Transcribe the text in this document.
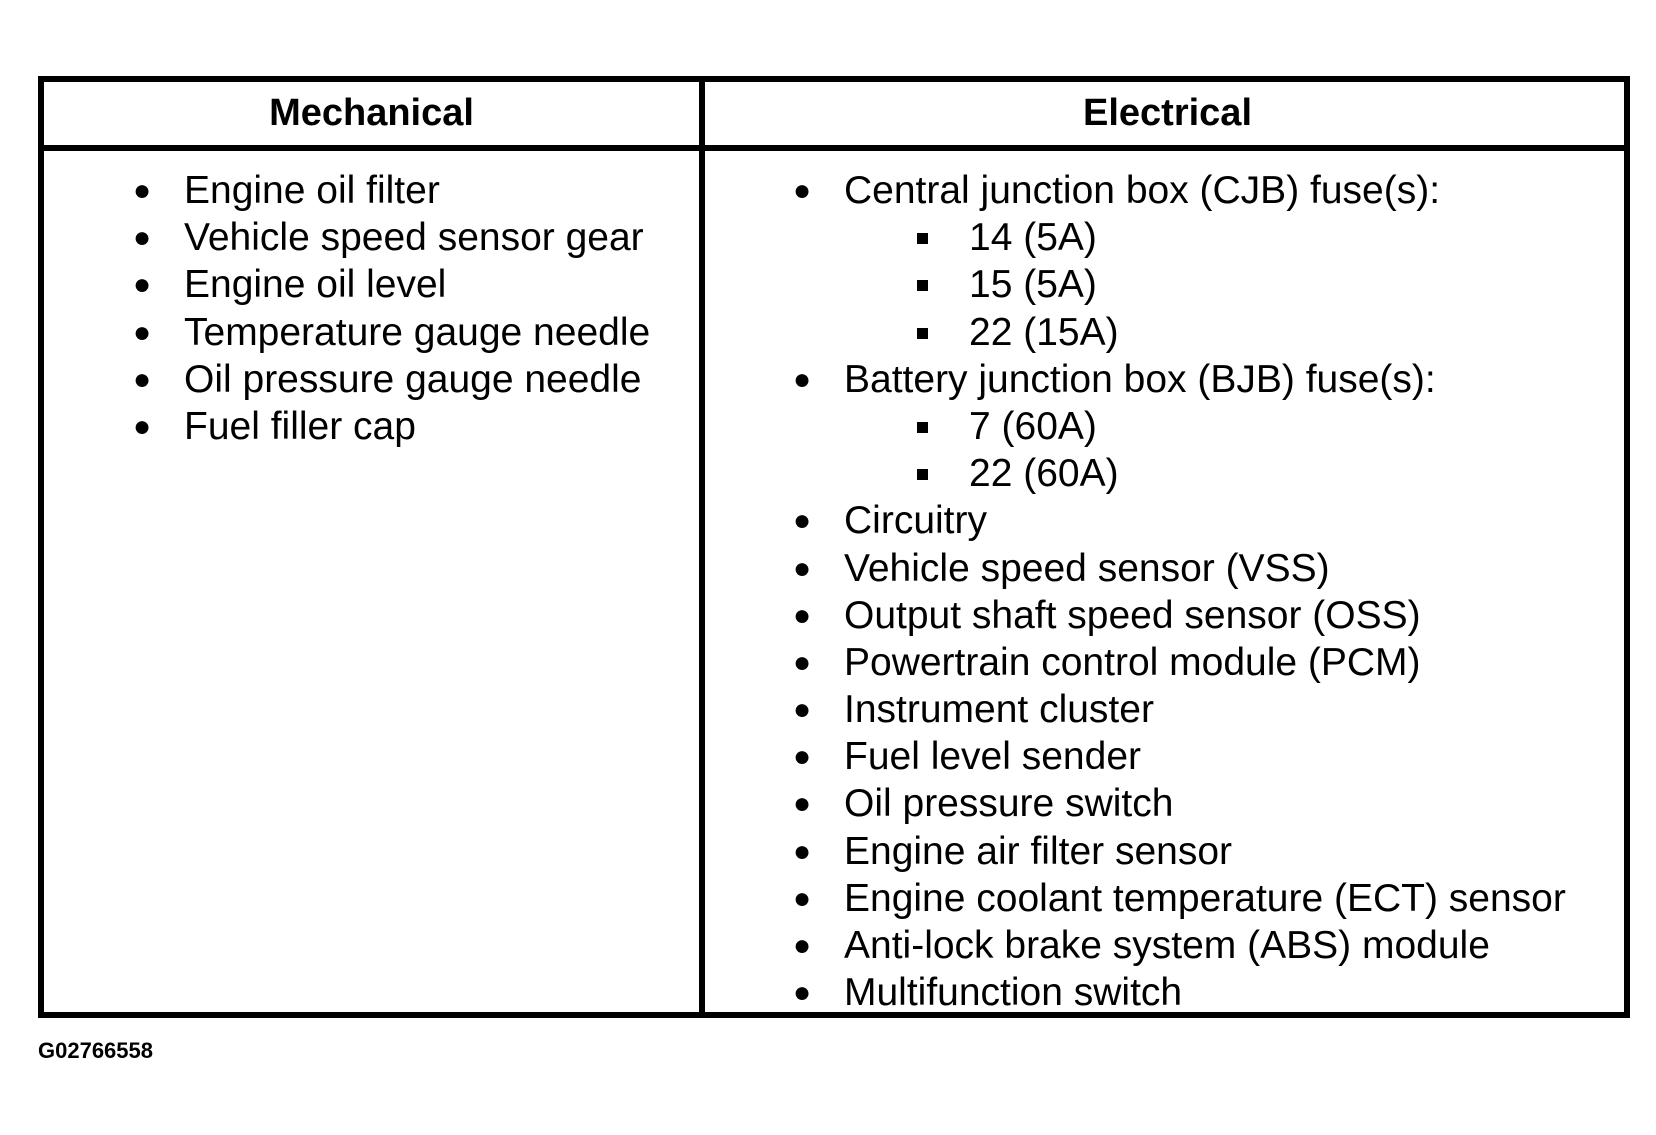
Mechanical	Electrical
● Engine oil filter
● Vehicle speed sensor gear
● Engine oil level
● Temperature gauge needle
● Oil pressure gauge needle
● Fuel filler cap
● Central junction box (CJB) fuse(s):
14 (5A)
15 (5A)
22 (15A)
● Battery junction box (BJB) fuse(s):
7 (60A)
22 (60A)
● Circuitry
● Vehicle speed sensor (VSS)
● Output shaft speed sensor (OSS)
● Powertrain control module (PCM)
● Instrument cluster
● Fuel level sender
● Oil pressure switch
● Engine air filter sensor
● Engine coolant temperature (ECT) sensor
● Anti-lock brake system (ABS) module
● Multifunction switch
G02766558
